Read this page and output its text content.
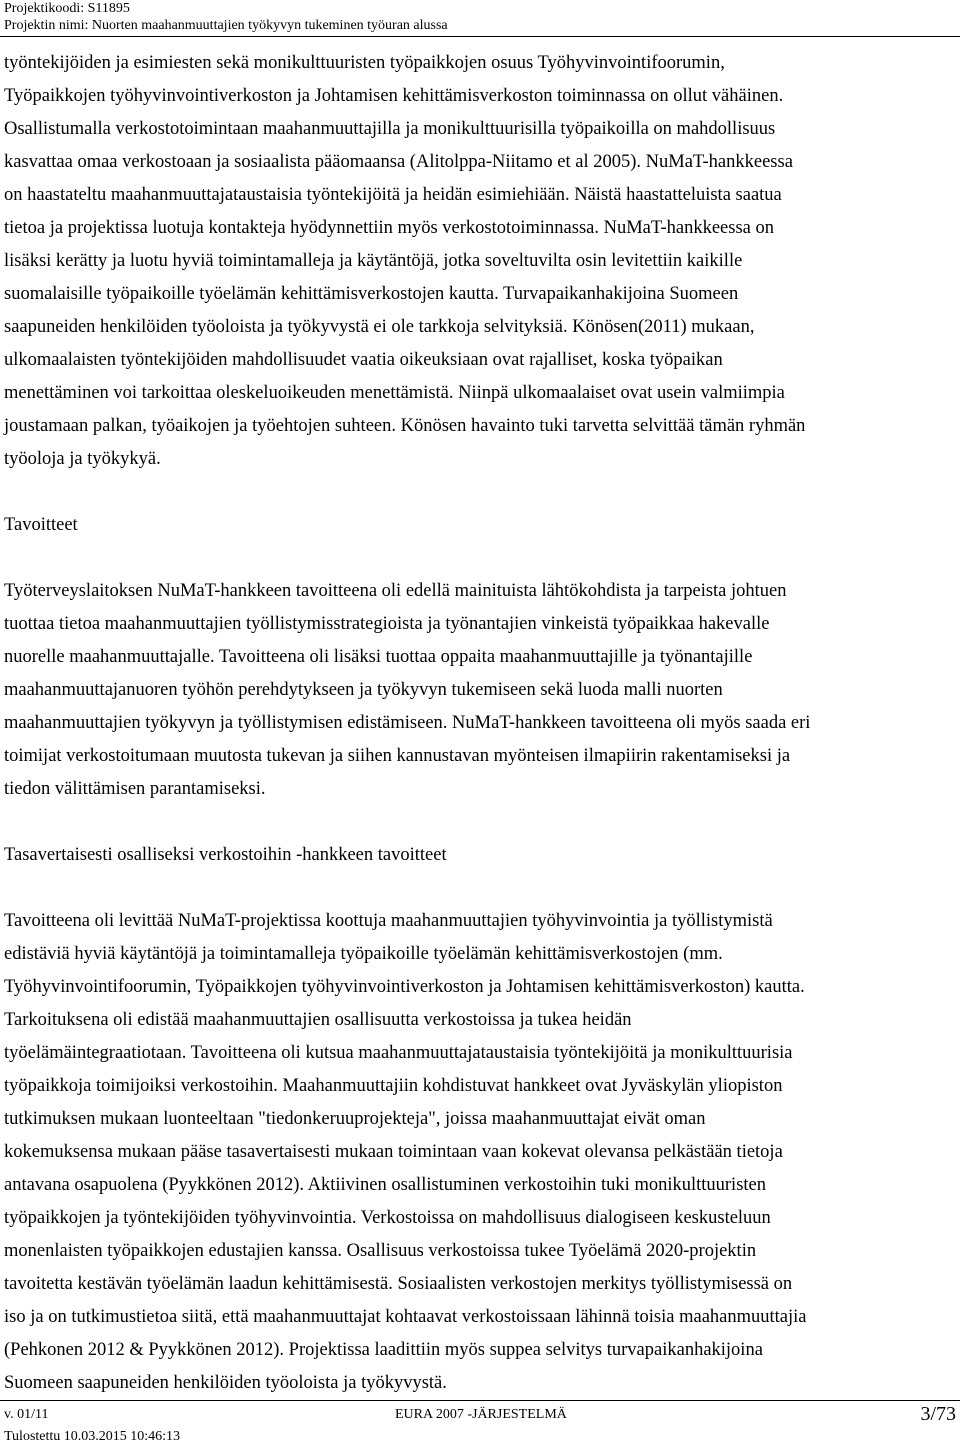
Projektikoodi: S11895
Projektin nimi: Nuorten maahanmuuttajien työkyvyn tukeminen työuran alussa

työntekijöiden ja esimiesten sekä monikulttuuristen työpaikkojen osuus Työhyvinvointifoorumin,
Työpaikkojen työhyvinvointiverkoston ja Johtamisen kehittämisverkoston toiminnassa on ollut vähäinen.
Osallistumalla verkostotoimintaan maahanmuuttajilla ja monikulttuurisilla työpaikoilla on mahdollisuus
kasvattaa omaa verkostoaan ja sosiaalista pääomaansa (Alitolppa-Niitamo et al 2005). NuMaT-hankkeessa
on haastateltu maahanmuuttajataustaisia työntekijöitä ja heidän esimiehiään. Näistä haastatteluista saatua
tietoa ja projektissa luotuja kontakteja hyödynnettiin myös verkostotoiminnassa. NuMaT-hankkeessa on
lisäksi kerätty ja luotu hyviä toimintamalleja ja käytäntöjä, jotka soveltuvilta osin levitettiin kaikille
suomalaisille työpaikoille työelämän kehittämisverkostojen kautta. Turvapaikanhakijoina Suomeen
saapuneiden henkilöiden työoloista ja työkyvystä ei ole tarkkoja selvityksiä. Könösen(2011) mukaan,
ulkomaalaisten työntekijöiden mahdollisuudet vaatia oikeuksiaan ovat rajalliset, koska työpaikan
menettäminen voi tarkoittaa oleskeluoikeuden menettämistä. Niinpä ulkomaalaiset ovat usein valmiimpia
joustamaan palkan, työaikojen ja työehtojen suhteen. Könösen havainto tuki tarvetta selvittää tämän ryhmän
työoloja ja työkykyä.

Tavoitteet

Työterveyslaitoksen NuMaT-hankkeen tavoitteena oli edellä mainituista lähtökohdista ja tarpeista johtuen
tuottaa tietoa maahanmuuttajien työllistymisstrategioista ja työnantajien vinkeistä työpaikkaa hakevalle
nuorelle maahanmuuttajalle. Tavoitteena oli lisäksi tuottaa oppaita maahanmuuttajille ja työnantajille
maahanmuuttajanuoren työhön perehdytykseen ja työkyvyn tukemiseen sekä luoda malli nuorten
maahanmuuttajien työkyvyn ja työllistymisen edistämiseen. NuMaT-hankkeen tavoitteena oli myös saada eri
toimijat verkostoitumaan muutosta tukevan ja siihen kannustavan myönteisen ilmapiirin rakentamiseksi ja
tiedon välittämisen parantamiseksi.

Tasavertaisesti osalliseksi verkostoihin -hankkeen tavoitteet

Tavoitteena oli levittää NuMaT-projektissa koottuja maahanmuuttajien työhyvinvointia ja työllistymistä
edistäviä hyviä käytäntöjä ja toimintamalleja työpaikoille työelämän kehittämisverkostojen (mm.
Työhyvinvointifoorumin, Työpaikkojen työhyvinvointiverkoston ja Johtamisen kehittämisverkoston) kautta.
Tarkoituksena oli edistää maahanmuuttajien osallisuutta verkostoissa ja tukea heidän
työelämäintegraatiotaan. Tavoitteena oli kutsua maahanmuuttajataustaisia työntekijöitä ja monikulttuurisia
työpaikkoja toimijoiksi verkostoihin. Maahanmuuttajiin kohdistuvat hankkeet ovat Jyväskylän yliopiston
tutkimuksen mukaan luonteeltaan "tiedonkeruuprojekteja", joissa maahanmuuttajat eivät oman
kokemuksensa mukaan pääse tasavertaisesti mukaan toimintaan vaan kokevat olevansa pelkästään tietoja
antavana osapuolena (Pyykkönen 2012). Aktiivinen osallistuminen verkostoihin tuki monikulttuuristen
työpaikkojen ja työntekijöiden työhyvinvointia. Verkostoissa on mahdollisuus dialogiseen keskusteluun
monenlaisten työpaikkojen edustajien kanssa. Osallisuus verkostoissa tukee Työelämä 2020-projektin
tavoitetta kestävän työelämän laadun kehittämisestä. Sosiaalisten verkostojen merkitys työllistymisessä on
iso ja on tutkimustietoa siitä, että maahanmuuttajat kohtaavat verkostoissaan lähinnä toisia maahanmuuttajia
(Pehkonen 2012 & Pyykkönen 2012). Projektissa laadittiin myös suppea selvitys turvapaikanhakijoina
Suomeen saapuneiden henkilöiden työoloista ja työkyvystä.

v. 01/11	EURA 2007 -JÄRJESTELMÄ	3/73
Tulostettu 10.03.2015 10:46:13
